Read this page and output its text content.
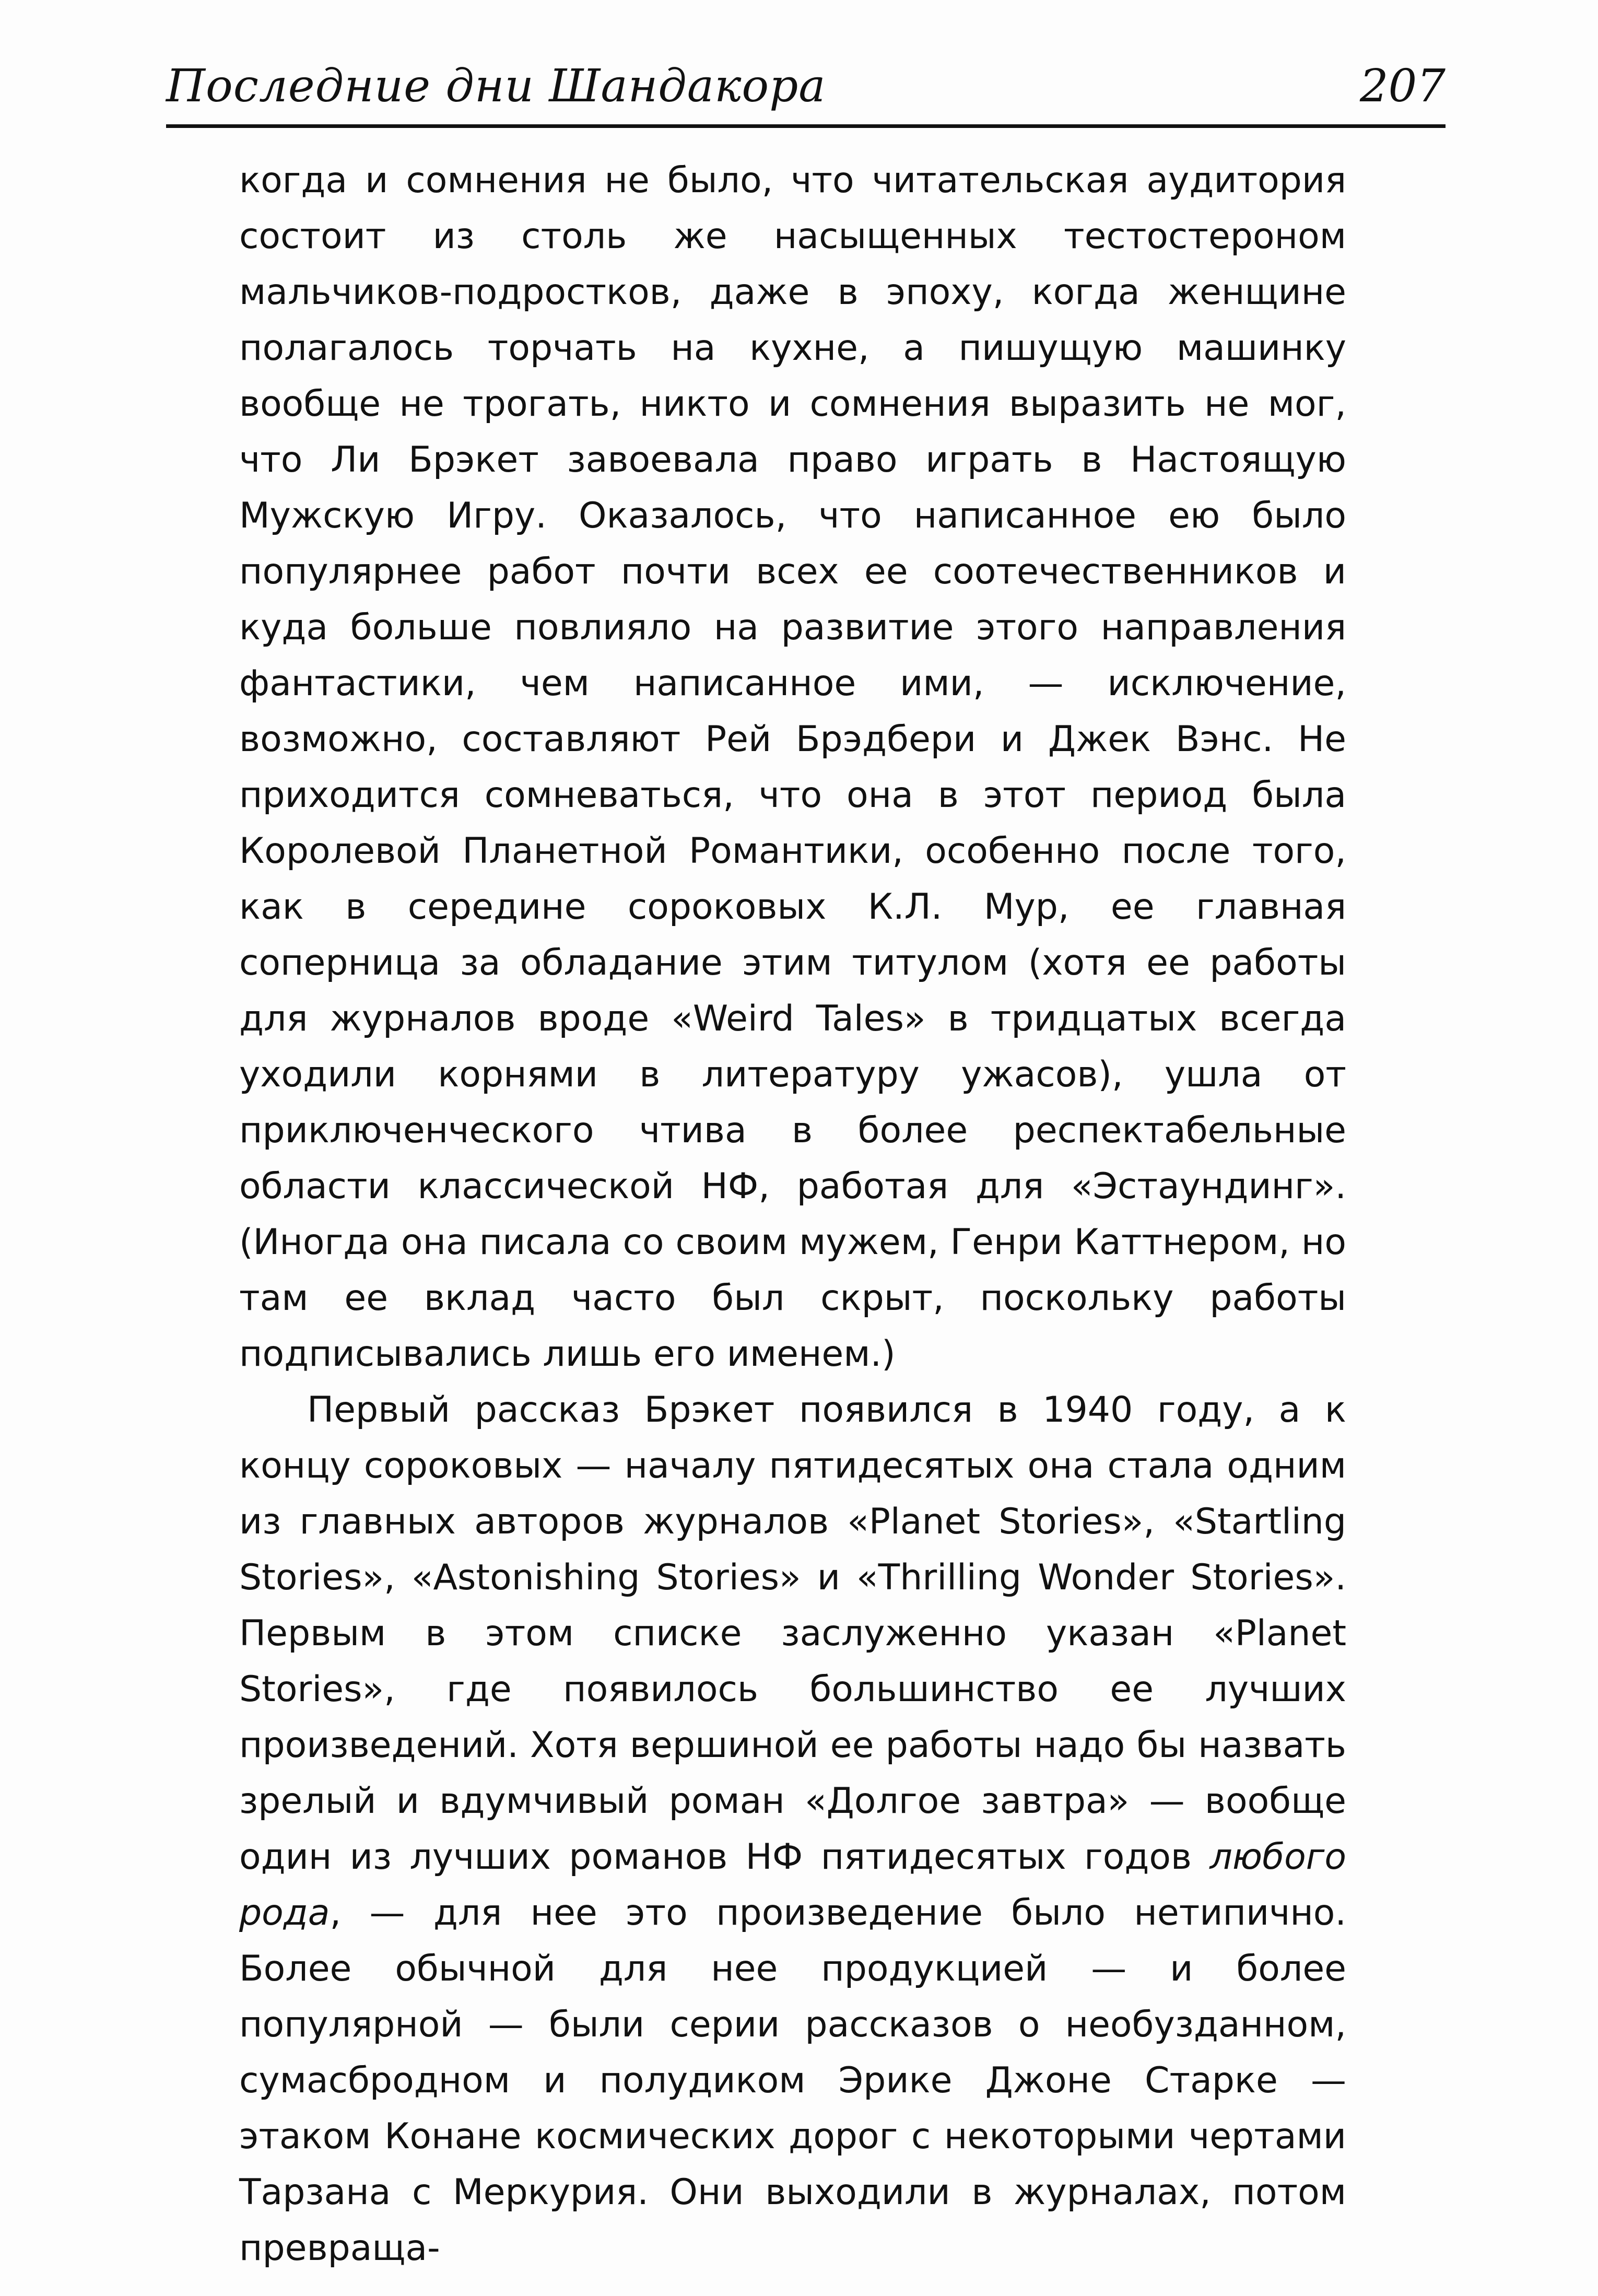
Последние дни Шандакора	207

когда и сомнения не было, что читательская аудитория состоит из столь же насыщенных тестостероном мальчиков-подростков, даже в эпоху, когда женщине полагалось торчать на кухне, а пишущую машинку вообще не трогать, никто и сомнения выразить не мог, что Ли Брэкет завоевала право играть в Настоящую Мужскую Игру. Оказалось, что написанное ею было популярнее работ почти всех ее соотечественников и куда больше повлияло на развитие этого направления фантастики, чем написанное ими, — исключение, возможно, составляют Рей Брэдбери и Джек Вэнс. Не приходится сомневаться, что она в этот период была Королевой Планетной Романтики, особенно после того, как в середине сороковых К.Л. Мур, ее главная соперница за обладание этим титулом (хотя ее работы для журналов вроде «Weird Tales» в тридцатых всегда уходили корнями в литературу ужасов), ушла от приключенческого чтива в более респектабельные области классической НФ, работая для «Эстаундинг». (Иногда она писала со своим мужем, Генри Каттнером, но там ее вклад часто был скрыт, поскольку работы подписывались лишь его именем.)

Первый рассказ Брэкет появился в 1940 году, а к концу сороковых — началу пятидесятых она стала одним из главных авторов журналов «Planet Stories», «Startling Stories», «Astonishing Stories» и «Thrilling Wonder Stories». Первым в этом списке заслуженно указан «Planet Stories», где появилось большинство ее лучших произведений. Хотя вершиной ее работы надо бы назвать зрелый и вдумчивый роман «Долгое завтра» — вообще один из лучших романов НФ пятидесятых годов любого рода, — для нее это произведение было нетипично. Более обычной для нее продукцией — и более популярной — были серии рассказов о необузданном, сумасбродном и полудиком Эрике Джоне Старке — этаком Конане космических дорог с некоторыми чертами Тарзана с Меркурия. Они выходили в журналах, потом превраща-
